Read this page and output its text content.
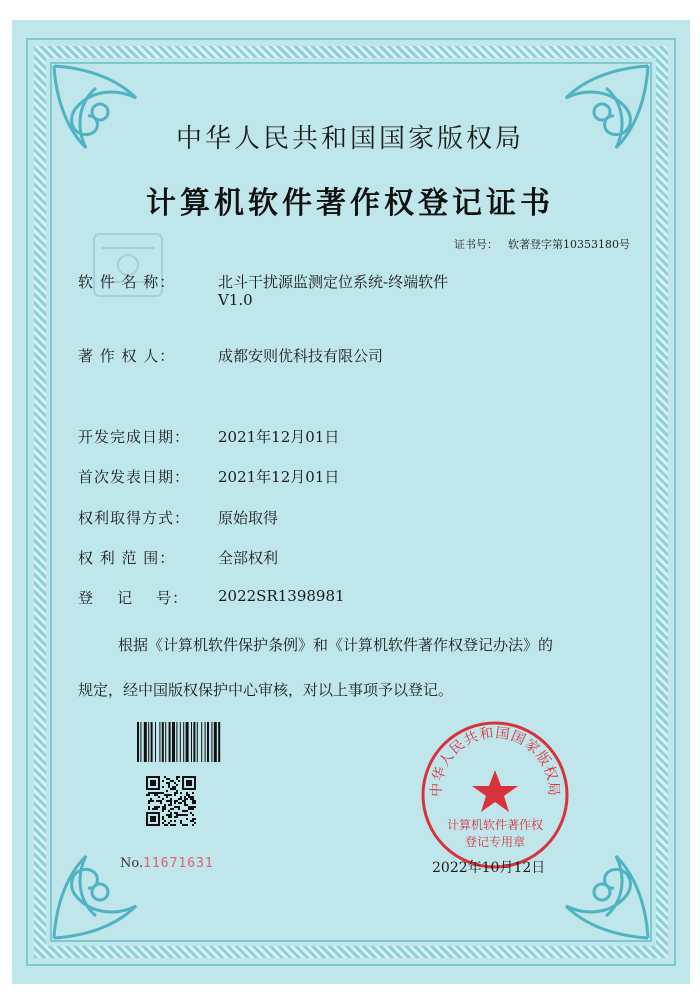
中华人民共和国国家版权局
计算机软件著作权登记证书
证书号： 软著登字第10353180号
软 件 名 称：	北斗干扰源监测定位系统-终端软件
V1.0
著 作 权 人：	成都安则优科技有限公司
开发完成日期： 2021年12月01日
首次发表日期： 2021年12月01日
权利取得方式： 原始取得
权 利 范 围：	全部权利
登    记    号： 2022SR1398981
根据《计算机软件保护条例》和《计算机软件著作权登记办法》的
规定，经中国版权保护中心审核，对以上事项予以登记。
No.11671631
中华人民共和国国家版权局
计算机软件著作权
登记专用章
2022年10月12日
